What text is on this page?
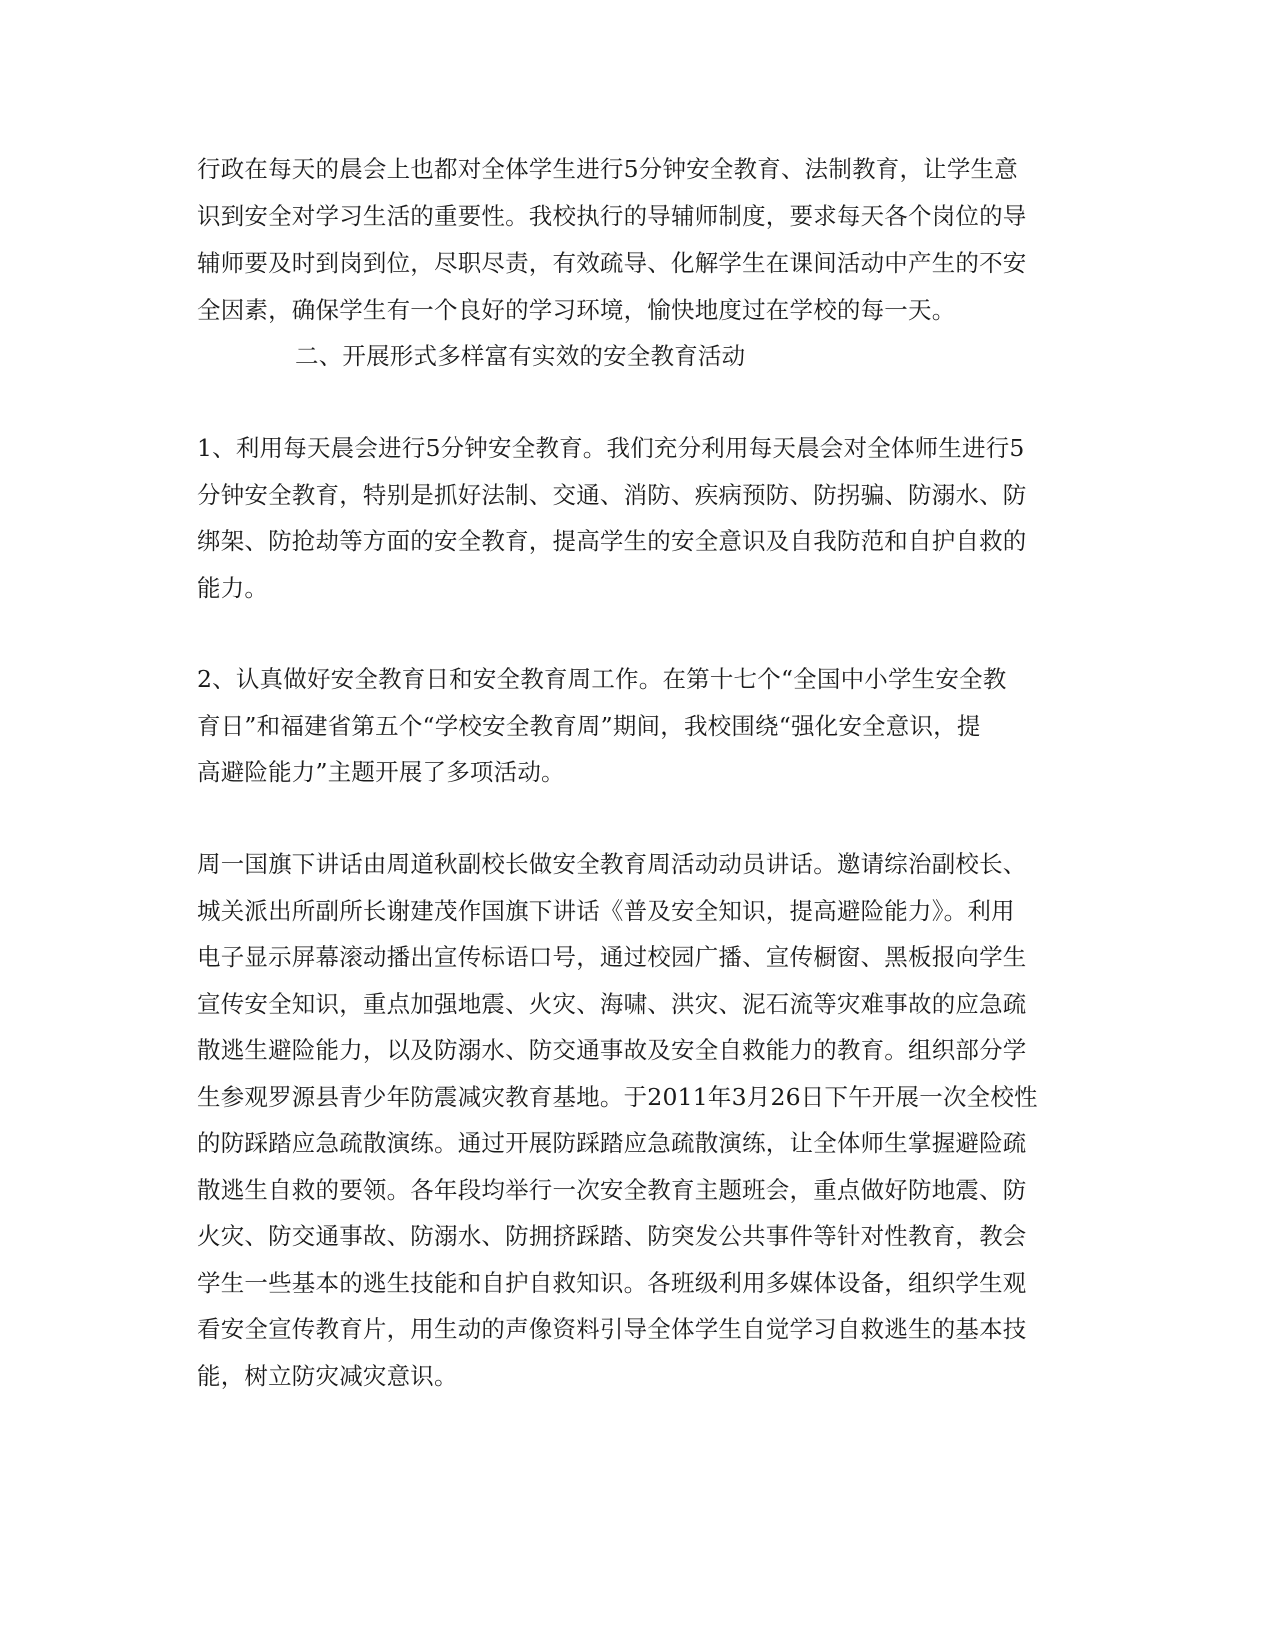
行政在每天的晨会上也都对全体学生进行5分钟安全教育、法制教育，让学生意
识到安全对学习生活的重要性。我校执行的导辅师制度，要求每天各个岗位的导
辅师要及时到岗到位，尽职尽责，有效疏导、化解学生在课间活动中产生的不安
全因素，确保学生有一个良好的学习环境，愉快地度过在学校的每一天。
二、开展形式多样富有实效的安全教育活动
1、利用每天晨会进行5分钟安全教育。我们充分利用每天晨会对全体师生进行5
分钟安全教育，特别是抓好法制、交通、消防、疾病预防、防拐骗、防溺水、防
绑架、防抢劫等方面的安全教育，提高学生的安全意识及自我防范和自护自救的
能力。
2、认真做好安全教育日和安全教育周工作。在第十七个“全国中小学生安全教
育日”和福建省第五个“学校安全教育周”期间，我校围绕“强化安全意识，提
高避险能力”主题开展了多项活动。
周一国旗下讲话由周道秋副校长做安全教育周活动动员讲话。邀请综治副校长、
城关派出所副所长谢建茂作国旗下讲话《普及安全知识，提高避险能力》。利用
电子显示屏幕滚动播出宣传标语口号，通过校园广播、宣传橱窗、黑板报向学生
宣传安全知识，重点加强地震、火灾、海啸、洪灾、泥石流等灾难事故的应急疏
散逃生避险能力，以及防溺水、防交通事故及安全自救能力的教育。组织部分学
生参观罗源县青少年防震减灾教育基地。于2011年3月26日下午开展一次全校性
的防踩踏应急疏散演练。通过开展防踩踏应急疏散演练，让全体师生掌握避险疏
散逃生自救的要领。各年段均举行一次安全教育主题班会，重点做好防地震、防
火灾、防交通事故、防溺水、防拥挤踩踏、防突发公共事件等针对性教育，教会
学生一些基本的逃生技能和自护自救知识。各班级利用多媒体设备，组织学生观
看安全宣传教育片，用生动的声像资料引导全体学生自觉学习自救逃生的基本技
能，树立防灾减灾意识。
